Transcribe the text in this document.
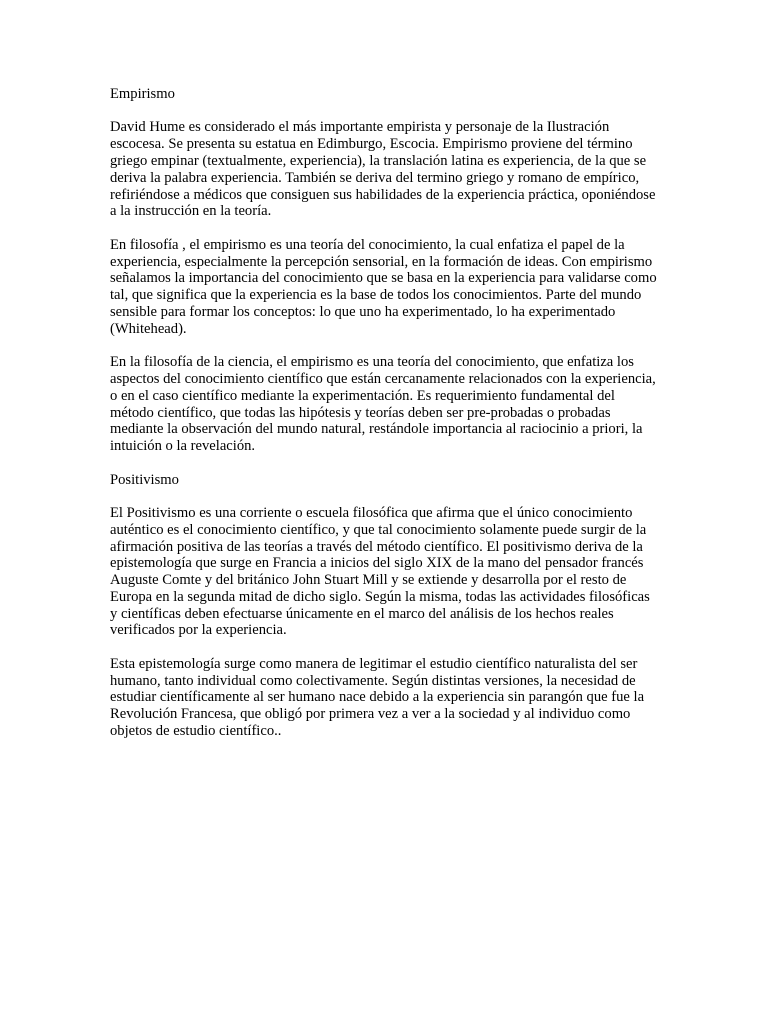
Empirismo

David Hume es considerado el más importante empirista y personaje de la Ilustración escocesa. Se presenta su estatua en Edimburgo, Escocia. Empirismo proviene del término griego empinar (textualmente, experiencia), la translación latina es experiencia, de la que se deriva la palabra experiencia. También se deriva del termino griego y romano de empírico, refiriéndose a médicos que consiguen sus habilidades de la experiencia práctica, oponiéndose a la instrucción en la teoría.

En filosofía , el empirismo es una teoría del conocimiento, la cual enfatiza el papel de la experiencia, especialmente la percepción sensorial, en la formación de ideas. Con empirismo señalamos la importancia del conocimiento que se basa en la experiencia para validarse como tal, que significa que la experiencia es la base de todos los conocimientos. Parte del mundo sensible para formar los conceptos: lo que uno ha experimentado, lo ha experimentado (Whitehead).

En la filosofía de la ciencia, el empirismo es una teoría del conocimiento, que enfatiza los aspectos del conocimiento científico que están cercanamente relacionados con la experiencia, o en el caso científico mediante la experimentación. Es requerimiento fundamental del método científico, que todas las hipótesis y teorías deben ser pre-probadas o probadas mediante la observación del mundo natural, restándole importancia al raciocinio a priori, la intuición o la revelación.

Positivismo

El Positivismo es una corriente o escuela filosófica que afirma que el único conocimiento auténtico es el conocimiento científico, y que tal conocimiento solamente puede surgir de la afirmación positiva de las teorías a través del método científico. El positivismo deriva de la epistemología que surge en Francia a inicios del siglo XIX de la mano del pensador francés Auguste Comte y del británico John Stuart Mill y se extiende y desarrolla por el resto de Europa en la segunda mitad de dicho siglo. Según la misma, todas las actividades filosóficas y científicas deben efectuarse únicamente en el marco del análisis de los hechos reales verificados por la experiencia.

Esta epistemología surge como manera de legitimar el estudio científico naturalista del ser humano, tanto individual como colectivamente. Según distintas versiones, la necesidad de estudiar científicamente al ser humano nace debido a la experiencia sin parangón que fue la Revolución Francesa, que obligó por primera vez a ver a la sociedad y al individuo como objetos de estudio científico..
